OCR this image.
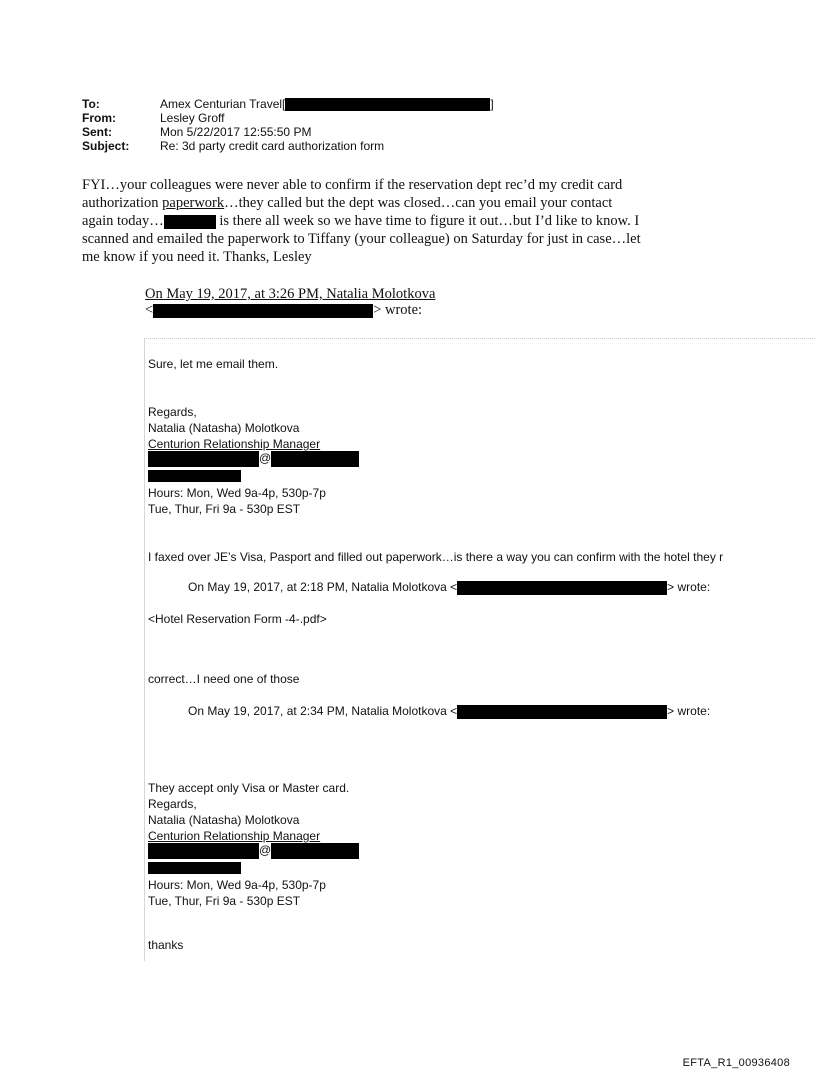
To:	Amex Centurian Travel[	]
From:	Lesley Groff
Sent:	Mon 5/22/2017 12:55:50 PM
Subject:	Re: 3d party credit card authorization form
FYI…your colleagues were never able to confirm if the reservation dept rec’d my credit card
authorization paperwork…they called but the dept was closed…can you email your contact
again today…	is there all week so we have time to figure it out…but I’d like to know. I
scanned and emailed the paperwork to Tiffany (your colleague) on Saturday for just in case…let
me know if you need it. Thanks, Lesley
On May 19, 2017, at 3:26 PM, Natalia Molotkova
<	> wrote:
Sure, let me email them.
Regards,
Natalia (Natasha) Molotkova
Centurion Relationship Manager
@
Hours: Mon, Wed 9a-4p, 530p-7p
Tue, Thur, Fri 9a - 530p EST
I faxed over JE’s Visa, Pasport and filled out paperwork…is there a way you can confirm with the hotel they r
On May 19, 2017, at 2:18 PM, Natalia Molotkova <	> wrote:
<Hotel Reservation Form -4-.pdf>
correct…I need one of those
On May 19, 2017, at 2:34 PM, Natalia Molotkova <	> wrote:
They accept only Visa or Master card.
Regards,
Natalia (Natasha) Molotkova
Centurion Relationship Manager
@
Hours: Mon, Wed 9a-4p, 530p-7p
Tue, Thur, Fri 9a - 530p EST
thanks
EFTA_R1_00936408
